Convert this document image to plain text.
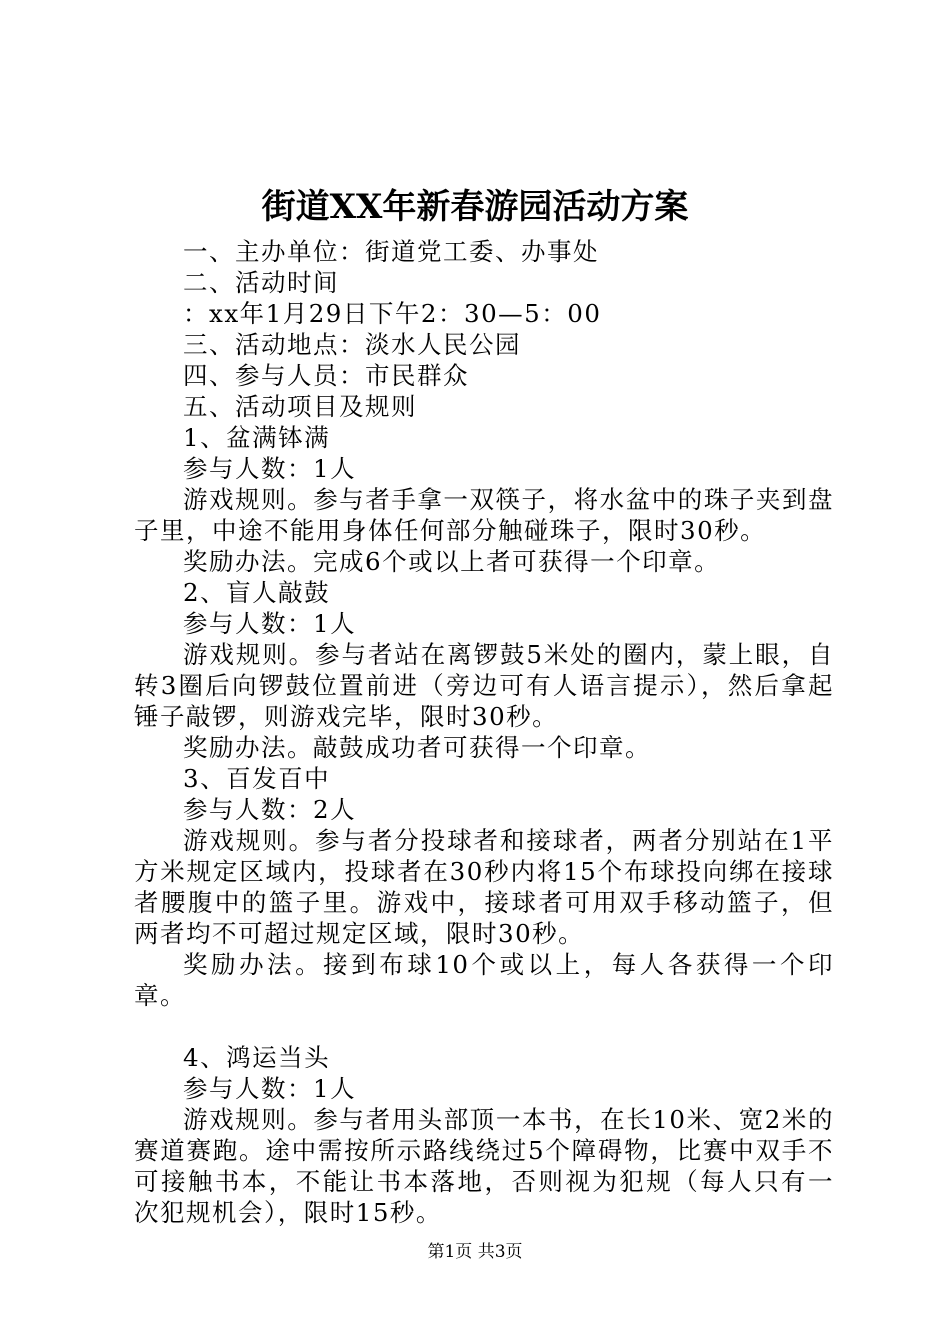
街道XX年新春游园活动方案

一、主办单位：街道党工委、办事处

二、活动时间

：xx年1月29日下午2：30—5：00

三、活动地点：淡水人民公园

四、参与人员：市民群众

五、活动项目及规则

1、盆满钵满

参与人数：1人

游戏规则。参与者手拿一双筷子，将水盆中的珠子夹到盘子里，中途不能用身体任何部分触碰珠子，限时30秒。

奖励办法。完成6个或以上者可获得一个印章。

2、盲人敲鼓

参与人数：1人

游戏规则。参与者站在离锣鼓5米处的圈内，蒙上眼，自转3圈后向锣鼓位置前进（旁边可有人语言提示），然后拿起锤子敲锣，则游戏完毕，限时30秒。

奖励办法。敲鼓成功者可获得一个印章。

3、百发百中

参与人数：2人

游戏规则。参与者分投球者和接球者，两者分别站在1平方米规定区域内，投球者在30秒内将15个布球投向绑在接球者腰腹中的篮子里。游戏中，接球者可用双手移动篮子，但两者均不可超过规定区域，限时30秒。

奖励办法。接到布球10个或以上，每人各获得一个印章。

4、鸿运当头

参与人数：1人

游戏规则。参与者用头部顶一本书，在长10米、宽2米的赛道赛跑。途中需按所示路线绕过5个障碍物，比赛中双手不可接触书本，不能让书本落地，否则视为犯规（每人只有一次犯规机会），限时15秒。

第1页 共3页
